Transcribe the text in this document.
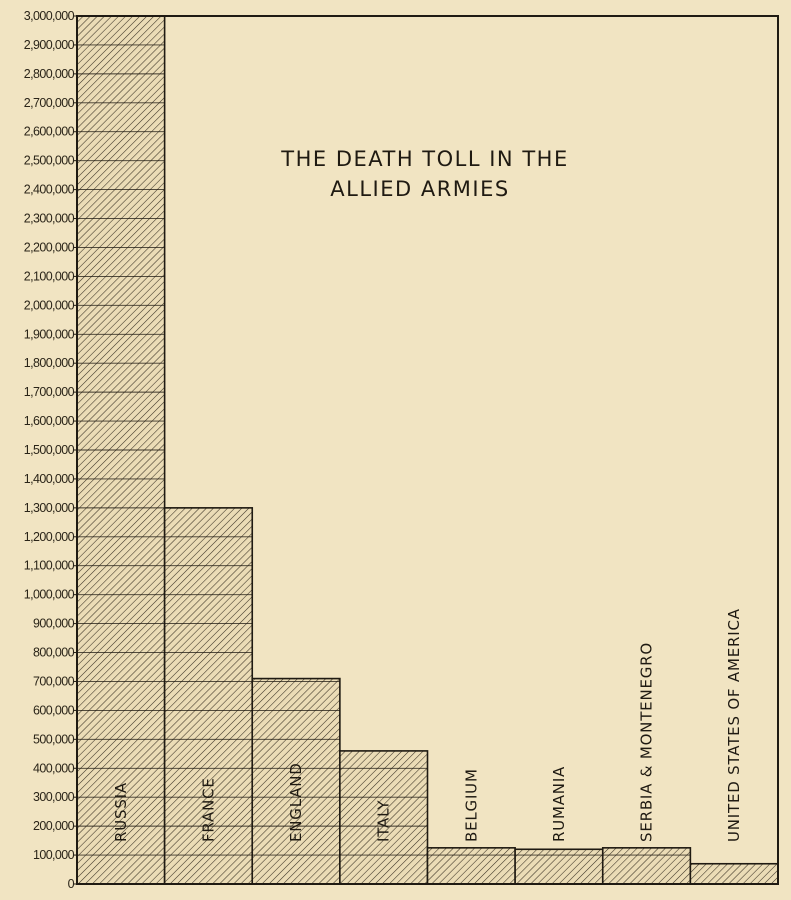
0
100,000
200,000
300,000
400,000
500,000
600,000
700,000
800,000
900,000
1,000,000
1,100,000
1,200,000
1,300,000
1,400,000
1,500,000
1,600,000
1,700,000
1,800,000
1,900,000
2,000,000
2,100,000
2,200,000
2,300,000
2,400,000
2,500,000
2,600,000
2,700,000
2,800,000
2,900,000
3,000,000
RUSSIA	FRANCE	ENGLAND	ITALY	BELGIUM	RUMANIA	SERBIA & MONTENEGRO	UNITED STATES OF AMERICA
THE DEATH TOLL IN THE
ALLIED ARMIES
